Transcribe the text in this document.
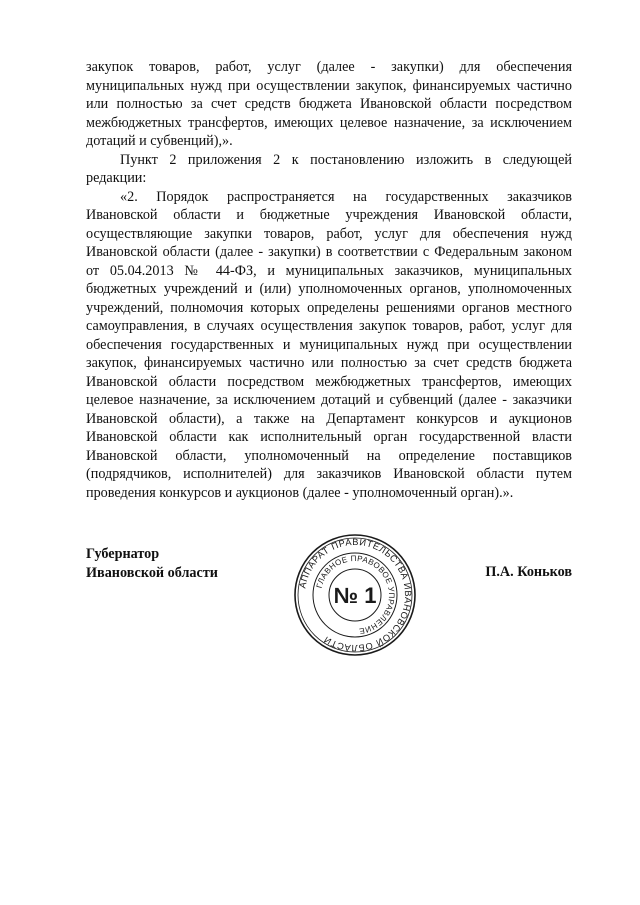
закупок товаров, работ, услуг (далее - закупки) для обеспечения муниципальных нужд при осуществлении закупок, финансируемых частично или полностью за счет средств бюджета Ивановской области посредством межбюджетных трансфертов, имеющих целевое назначение, за исключением дотаций и субвенций),».

Пункт 2 приложения 2 к постановлению изложить в следующей редакции:

«2. Порядок распространяется на государственных заказчиков Ивановской области и бюджетные учреждения Ивановской области, осуществляющие закупки товаров, работ, услуг для обеспечения нужд Ивановской области (далее - закупки) в соответствии с Федеральным законом от 05.04.2013 № 44-ФЗ, и муниципальных заказчиков, муниципальных бюджетных учреждений и (или) уполномоченных органов, уполномоченных учреждений, полномочия которых определены решениями органов местного самоуправления, в случаях осуществления закупок товаров, работ, услуг для обеспечения государственных и муниципальных нужд при осуществлении закупок, финансируемых частично или полностью за счет средств бюджета Ивановской области посредством межбюджетных трансфертов, имеющих целевое назначение, за исключением дотаций и субвенций (далее - заказчики Ивановской области), а также на Департамент конкурсов и аукционов Ивановской области как исполнительный орган государственной власти Ивановской области, уполномоченный на определение поставщиков (подрядчиков, исполнителей) для заказчиков Ивановской области путем проведения конкурсов и аукционов (далее - уполномоченный орган).».

Губернатор
Ивановской области
АППАРАТ ПРАВИТЕЛЬСТВА ИВАНОВСКОЙ ОБЛАСТИ
ГЛАВНОЕ ПРАВОВОЕ УПРАВЛЕНИЕ
№ 1
П.А. Коньков
